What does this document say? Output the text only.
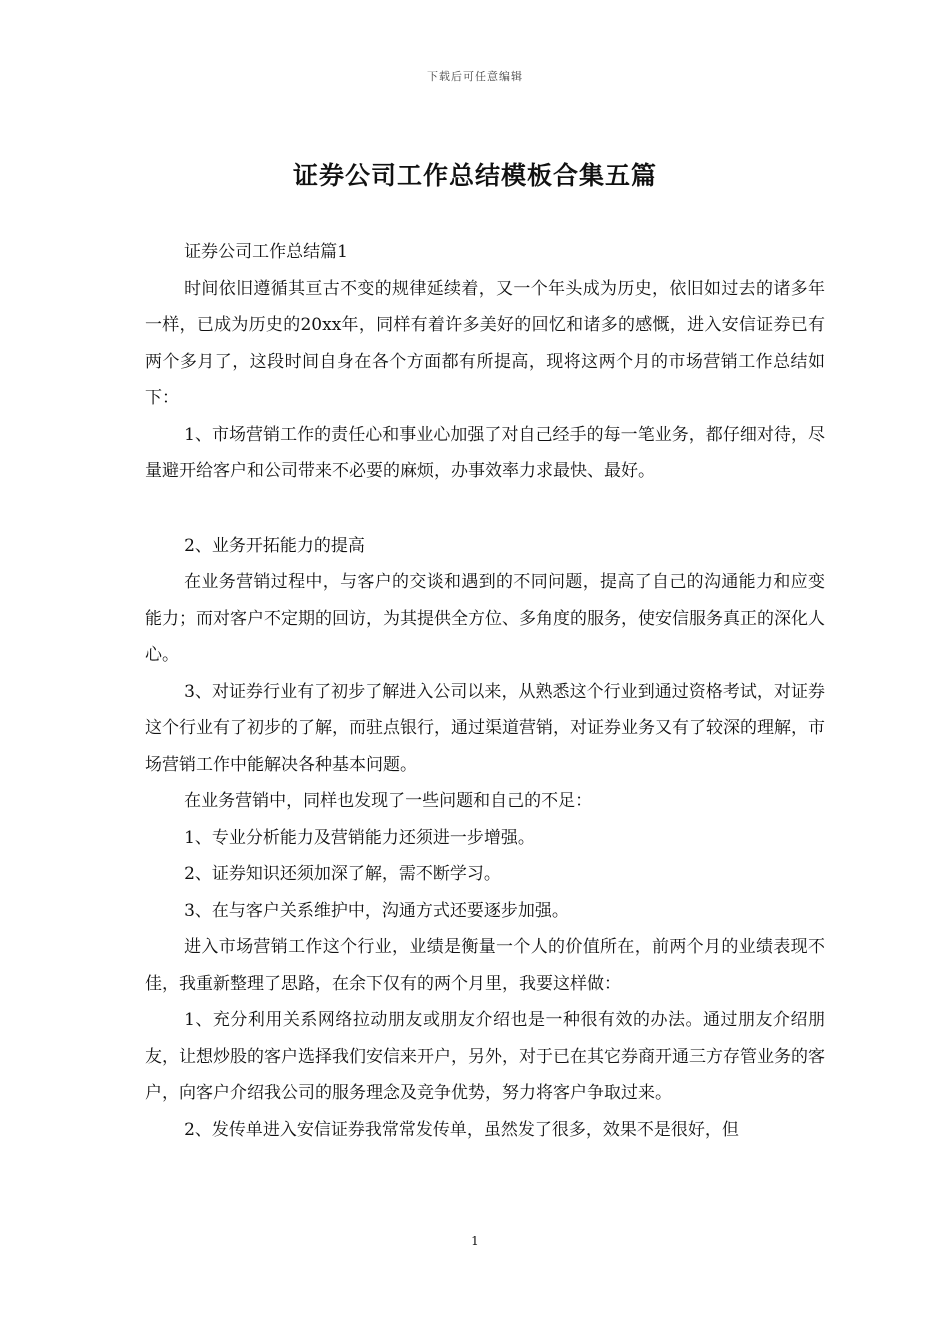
下载后可任意编辑
证券公司工作总结模板合集五篇

证券公司工作总结篇1

时间依旧遵循其亘古不变的规律延续着，又一个年头成为历史，依旧如过去的诸多年一样，已成为历史的20xx年，同样有着许多美好的回忆和诸多的感慨，进入安信证券已有两个多月了，这段时间自身在各个方面都有所提高，现将这两个月的市场营销工作总结如下：

1、市场营销工作的责任心和事业心加强了对自己经手的每一笔业务，都仔细对待，尽量避开给客户和公司带来不必要的麻烦，办事效率力求最快、最好。

2、业务开拓能力的提高

在业务营销过程中，与客户的交谈和遇到的不同问题，提高了自己的沟通能力和应变能力；而对客户不定期的回访，为其提供全方位、多角度的服务，使安信服务真正的深化人心。

3、对证券行业有了初步了解进入公司以来，从熟悉这个行业到通过资格考试，对证券这个行业有了初步的了解，而驻点银行，通过渠道营销，对证券业务又有了较深的理解，市场营销工作中能解决各种基本问题。

在业务营销中，同样也发现了一些问题和自己的不足：

1、专业分析能力及营销能力还须进一步增强。

2、证券知识还须加深了解，需不断学习。

3、在与客户关系维护中，沟通方式还要逐步加强。

进入市场营销工作这个行业，业绩是衡量一个人的价值所在，前两个月的业绩表现不佳，我重新整理了思路，在余下仅有的两个月里，我要这样做：

1、充分利用关系网络拉动朋友或朋友介绍也是一种很有效的办法。通过朋友介绍朋友，让想炒股的客户选择我们安信来开户，另外，对于已在其它券商开通三方存管业务的客户，向客户介绍我公司的服务理念及竞争优势，努力将客户争取过来。

2、发传单进入安信证券我常常发传单，虽然发了很多，效果不是很好，但

1
